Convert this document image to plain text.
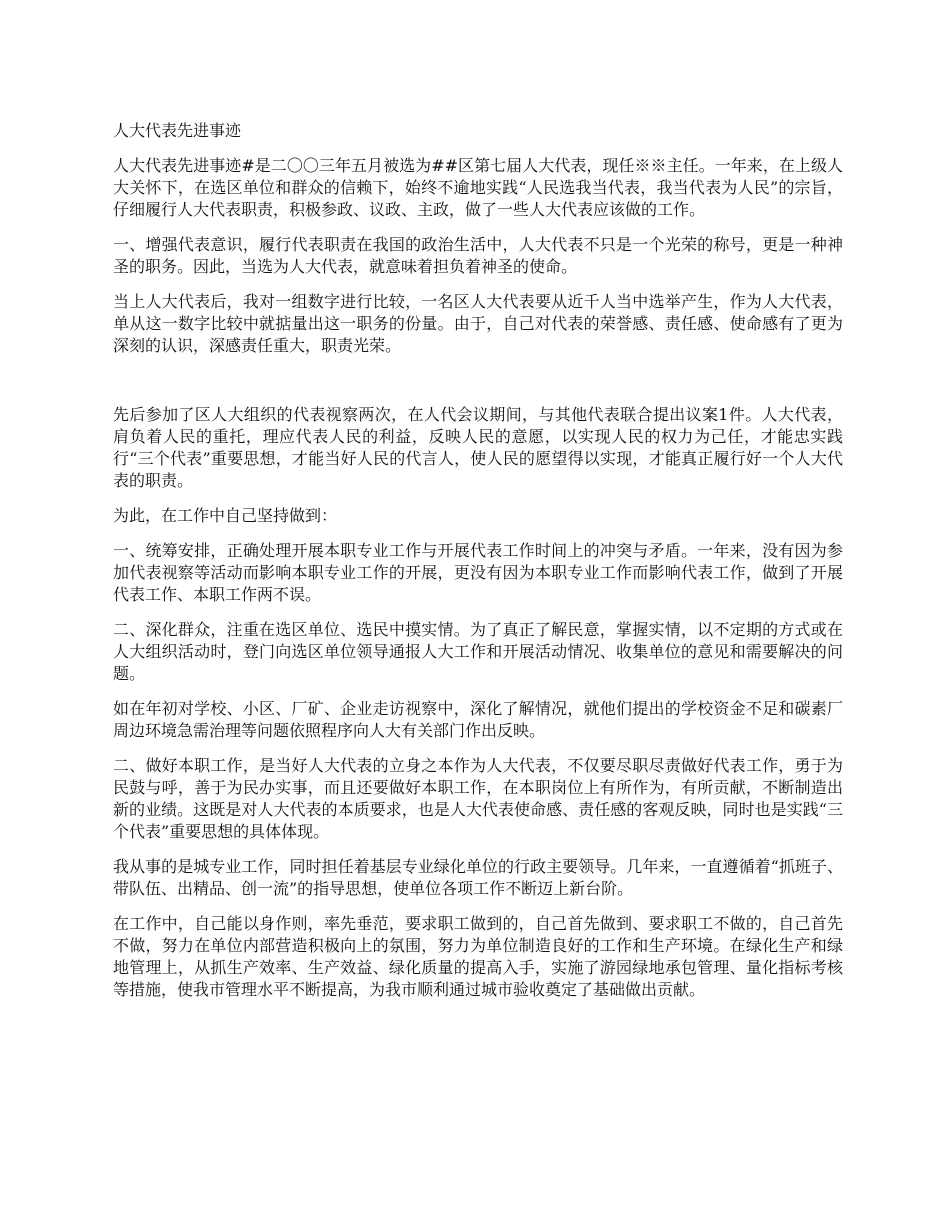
人大代表先进事迹

人大代表先进事迹#是二〇〇三年五月被选为##区第七届人大代表，现任※※主任。一年来，在上级人大关怀下，在选区单位和群众的信赖下，始终不逾地实践“人民选我当代表，我当代表为人民”的宗旨，仔细履行人大代表职责，积极参政、议政、主政，做了一些人大代表应该做的工作。

一、增强代表意识，履行代表职责在我国的政治生活中，人大代表不只是一个光荣的称号，更是一种神圣的职务。因此，当选为人大代表，就意味着担负着神圣的使命。

当上人大代表后，我对一组数字进行比较，一名区人大代表要从近千人当中选举产生，作为人大代表，单从这一数字比较中就掂量出这一职务的份量。由于，自己对代表的荣誉感、责任感、使命感有了更为深刻的认识，深感责任重大，职责光荣。

先后参加了区人大组织的代表视察两次，在人代会议期间，与其他代表联合提出议案1件。人大代表，肩负着人民的重托，理应代表人民的利益，反映人民的意愿，以实现人民的权力为己任，才能忠实践行“三个代表”重要思想，才能当好人民的代言人，使人民的愿望得以实现，才能真正履行好一个人大代表的职责。

为此，在工作中自己坚持做到：

一、统筹安排，正确处理开展本职专业工作与开展代表工作时间上的冲突与矛盾。一年来，没有因为参加代表视察等活动而影响本职专业工作的开展，更没有因为本职专业工作而影响代表工作，做到了开展代表工作、本职工作两不误。

二、深化群众，注重在选区单位、选民中摸实情。为了真正了解民意，掌握实情，以不定期的方式或在人大组织活动时，登门向选区单位领导通报人大工作和开展活动情况、收集单位的意见和需要解决的问题。

如在年初对学校、小区、厂矿、企业走访视察中，深化了解情况，就他们提出的学校资金不足和碳素厂周边环境急需治理等问题依照程序向人大有关部门作出反映。

二、做好本职工作，是当好人大代表的立身之本作为人大代表，不仅要尽职尽责做好代表工作，勇于为民鼓与呼，善于为民办实事，而且还要做好本职工作，在本职岗位上有所作为，有所贡献，不断制造出新的业绩。这既是对人大代表的本质要求，也是人大代表使命感、责任感的客观反映，同时也是实践“三个代表”重要思想的具体体现。

我从事的是城专业工作，同时担任着基层专业绿化单位的行政主要领导。几年来，一直遵循着“抓班子、带队伍、出精品、创一流”的指导思想，使单位各项工作不断迈上新台阶。

在工作中，自己能以身作则，率先垂范，要求职工做到的，自己首先做到、要求职工不做的，自己首先不做，努力在单位内部营造积极向上的氛围，努力为单位制造良好的工作和生产环境。在绿化生产和绿地管理上，从抓生产效率、生产效益、绿化质量的提高入手，实施了游园绿地承包管理、量化指标考核等措施，使我市管理水平不断提高，为我市顺利通过城市验收奠定了基础做出贡献。
